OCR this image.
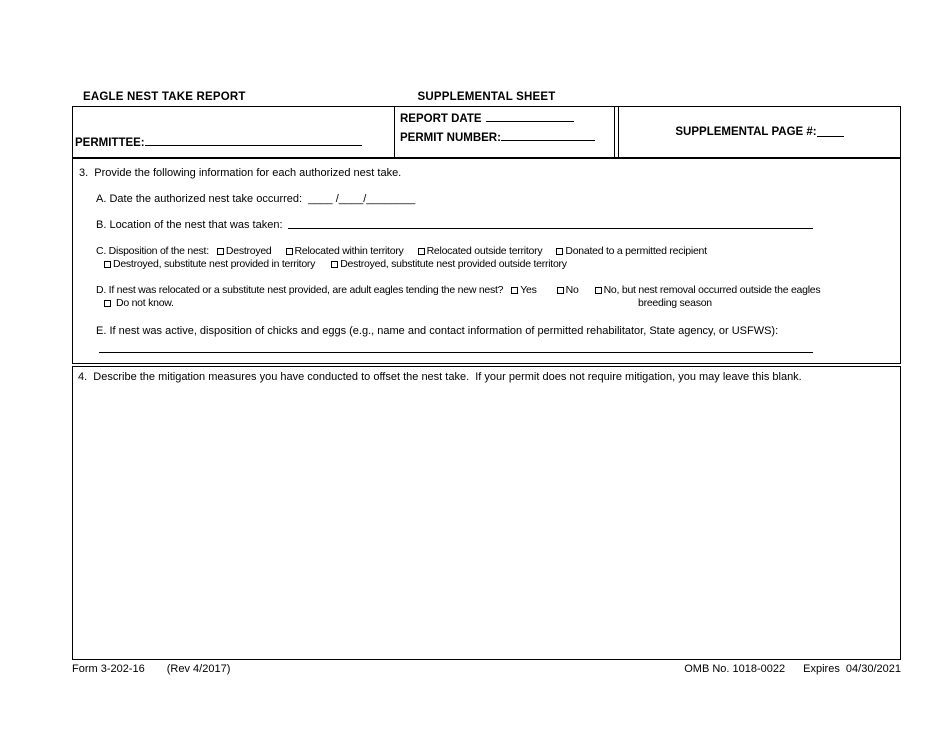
EAGLE NEST TAKE REPORT	SUPPLEMENTAL SHEET
PERMITTEE:
REPORT DATE
PERMIT NUMBER:	SUPPLEMENTAL PAGE #:
3.  Provide the following information for each authorized nest take.
A. Date the authorized nest take occurred:  ____ /____/________
B. Location of the nest that was taken:
C. Disposition of the nest: Destroyed Relocated within territory Relocated outside territory Donated to a permitted recipient
Destroyed, substitute nest provided in territory Destroyed, substitute nest provided outside territory
D. If nest was relocated or a substitute nest provided, are adult eagles tending the new nest? Yes	No No, but nest removal occurred outside the eagles
Do not know.	breeding season
E. If nest was active, disposition of chicks and eggs (e.g., name and contact information of permitted rehabilitator, State agency, or USFWS):
4.  Describe the mitigation measures you have conducted to offset the nest take.  If your permit does not require mitigation, you may leave this blank.
Form 3-202-16 (Rev 4/2017)	OMB No. 1018-0022 Expires  04/30/2021
